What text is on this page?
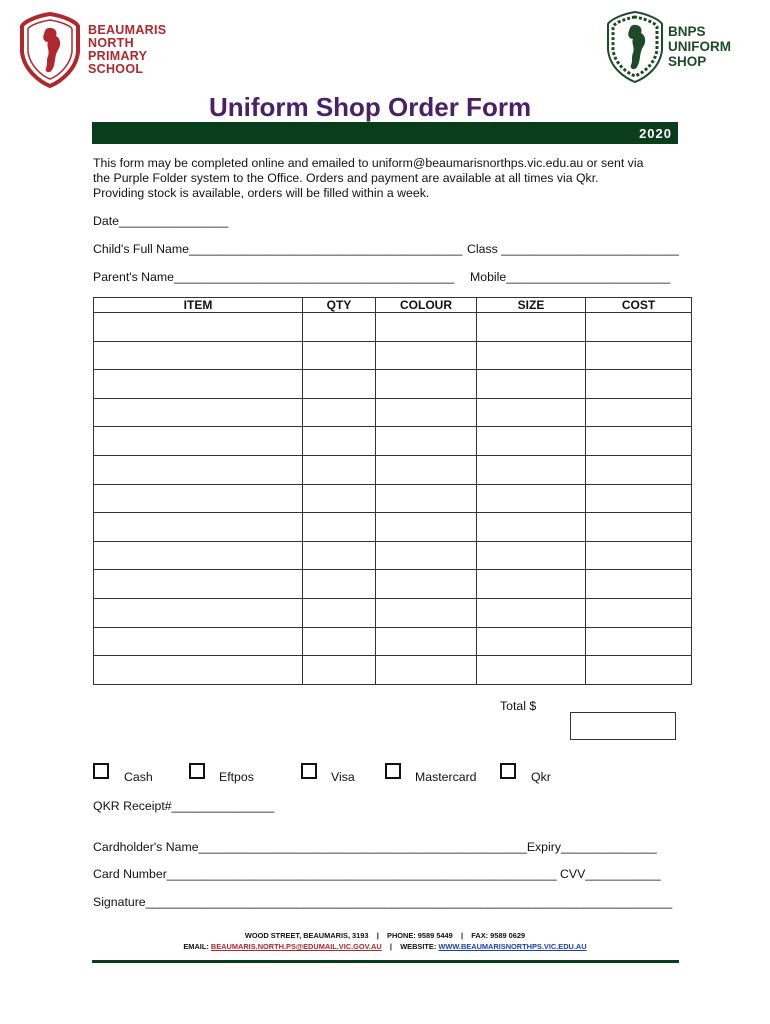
BEAUMARIS
NORTH
PRIMARY
SCHOOL
BNPS
UNIFORM
SHOP
Uniform Shop Order Form
2020
This form may be completed online and emailed to uniform@beaumarisnorthps.vic.edu.au or sent via
the Purple Folder system to the Office. Orders and payment are available at all times via Qkr.
Providing stock is available, orders will be filled within a week.
Date________________
Child's Full Name________________________________________ Class __________________________
Parent's Name_________________________________________ Mobile________________________
ITEM	QTY	COLOUR	SIZE	COST

Total $
Cash	Eftpos	Visa	Mastercard	Qkr
QKR Receipt#_______________
Cardholder's Name________________________________________________Expiry______________
Card Number_________________________________________________________ CVV___________
Signature_____________________________________________________________________________
WOOD STREET, BEAUMARIS, 3193 | PHONE: 9589 5449 | FAX: 9589 0629
EMAIL: BEAUMARIS.NORTH.PS@EDUMAIL.VIC.GOV.AU | WEBSITE: WWW.BEAUMARISNORTHPS.VIC.EDU.AU
